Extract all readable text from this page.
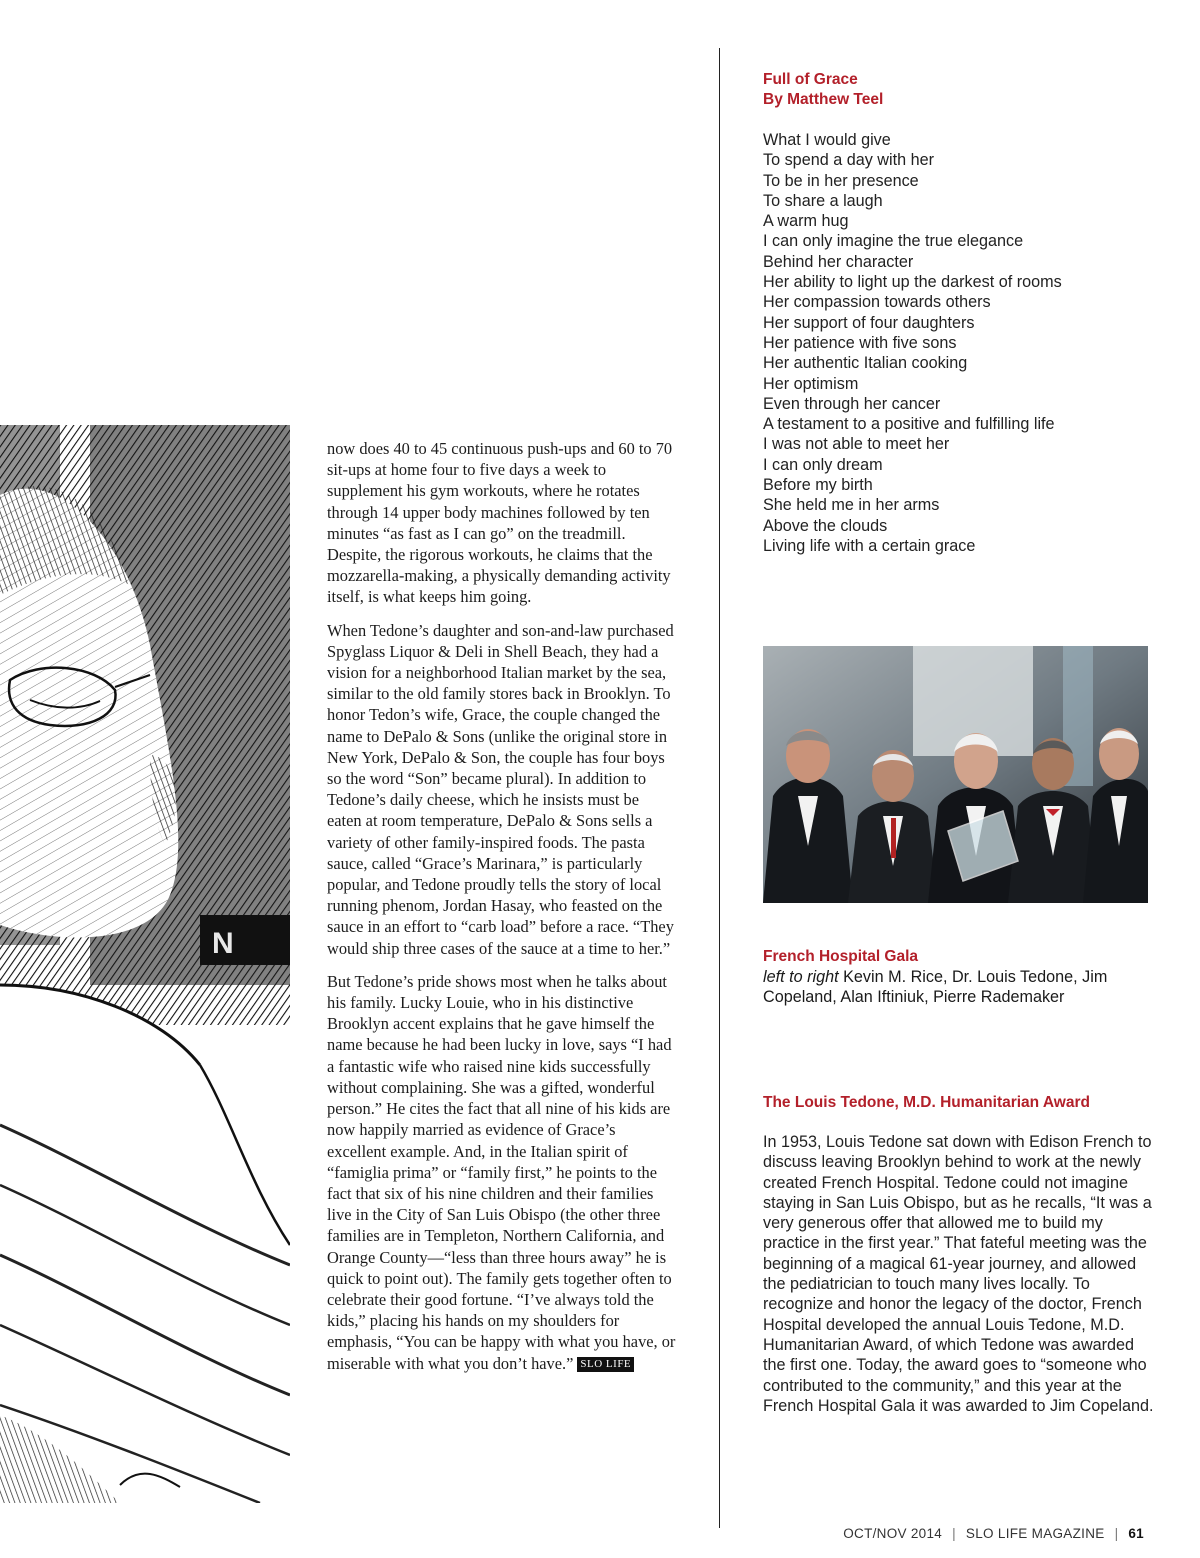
N

now does 40 to 45 continuous push-ups and 60 to 70 sit-ups at home four to five days a week to supplement his gym workouts, where he rotates through 14 upper body machines followed by ten minutes “as fast as I can go” on the treadmill. Despite, the rigorous workouts, he claims that the mozzarella-making, a physically demanding activity itself, is what keeps him going.

When Tedone’s daughter and son-and-law purchased Spyglass Liquor & Deli in Shell Beach, they had a vision for a neighborhood Italian market by the sea, similar to the old family stores back in Brooklyn. To honor Tedon’s wife, Grace, the couple changed the name to DePalo & Sons (unlike the original store in New York, DePalo & Son, the couple has four boys so the word “Son” became plural). In addition to Tedone’s daily cheese, which he insists must be eaten at room temperature, DePalo & Sons sells a variety of other family-inspired foods. The pasta sauce, called “Grace’s Marinara,” is particularly popular, and Tedone proudly tells the story of local running phenom, Jordan Hasay, who feasted on the sauce in an effort to “carb load” before a race. “They would ship three cases of the sauce at a time to her.”

But Tedone’s pride shows most when he talks about his family. Lucky Louie, who in his distinctive Brooklyn accent explains that he gave himself the name because he had been lucky in love, says “I had a fantastic wife who raised nine kids successfully without complaining. She was a gifted, wonderful person.” He cites the fact that all nine of his kids are now happily married as evidence of Grace’s excellent example. And, in the Italian spirit of “famiglia prima” or “family first,” he points to the fact that six of his nine children and their families live in the City of San Luis Obispo (the other three families are in Templeton, Northern California, and Orange County—“less than three hours away” he is quick to point out). The family gets together often to celebrate their good fortune. “I’ve always told the kids,” placing his hands on my shoulders for emphasis, “You can be happy with what you have, or miserable with what you don’t have.” SLO LIFE

Full of Grace

By Matthew Teel

What I would give
To spend a day with her
To be in her presence
To share a laugh
A warm hug
I can only imagine the true elegance
Behind her character
Her ability to light up the darkest of rooms
Her compassion towards others
Her support of four daughters
Her patience with five sons
Her authentic Italian cooking
Her optimism
Even through her cancer
A testament to a positive and fulfilling life
I was not able to meet her
I can only dream
Before my birth
She held me in her arms
Above the clouds
Living life with a certain grace

French Hospital Gala

left to right Kevin M. Rice, Dr. Louis Tedone, Jim Copeland, Alan Iftiniuk, Pierre Rademaker

The Louis Tedone, M.D. Humanitarian Award

In 1953, Louis Tedone sat down with Edison French to discuss leaving Brooklyn behind to work at the newly created French Hospital. Tedone could not imagine staying in San Luis Obispo, but as he recalls, “It was a very generous offer that allowed me to build my practice in the first year.” That fateful meeting was the beginning of a magical 61-year journey, and allowed the pediatrician to touch many lives locally. To recognize and honor the legacy of the doctor, French Hospital developed the annual Louis Tedone, M.D. Humanitarian Award, of which Tedone was awarded the first one. Today, the award goes to “someone who contributed to the community,” and this year at the French Hospital Gala it was awarded to Jim Copeland.
OCT/NOV 2014 | SLO LIFE MAGAZINE | 61
